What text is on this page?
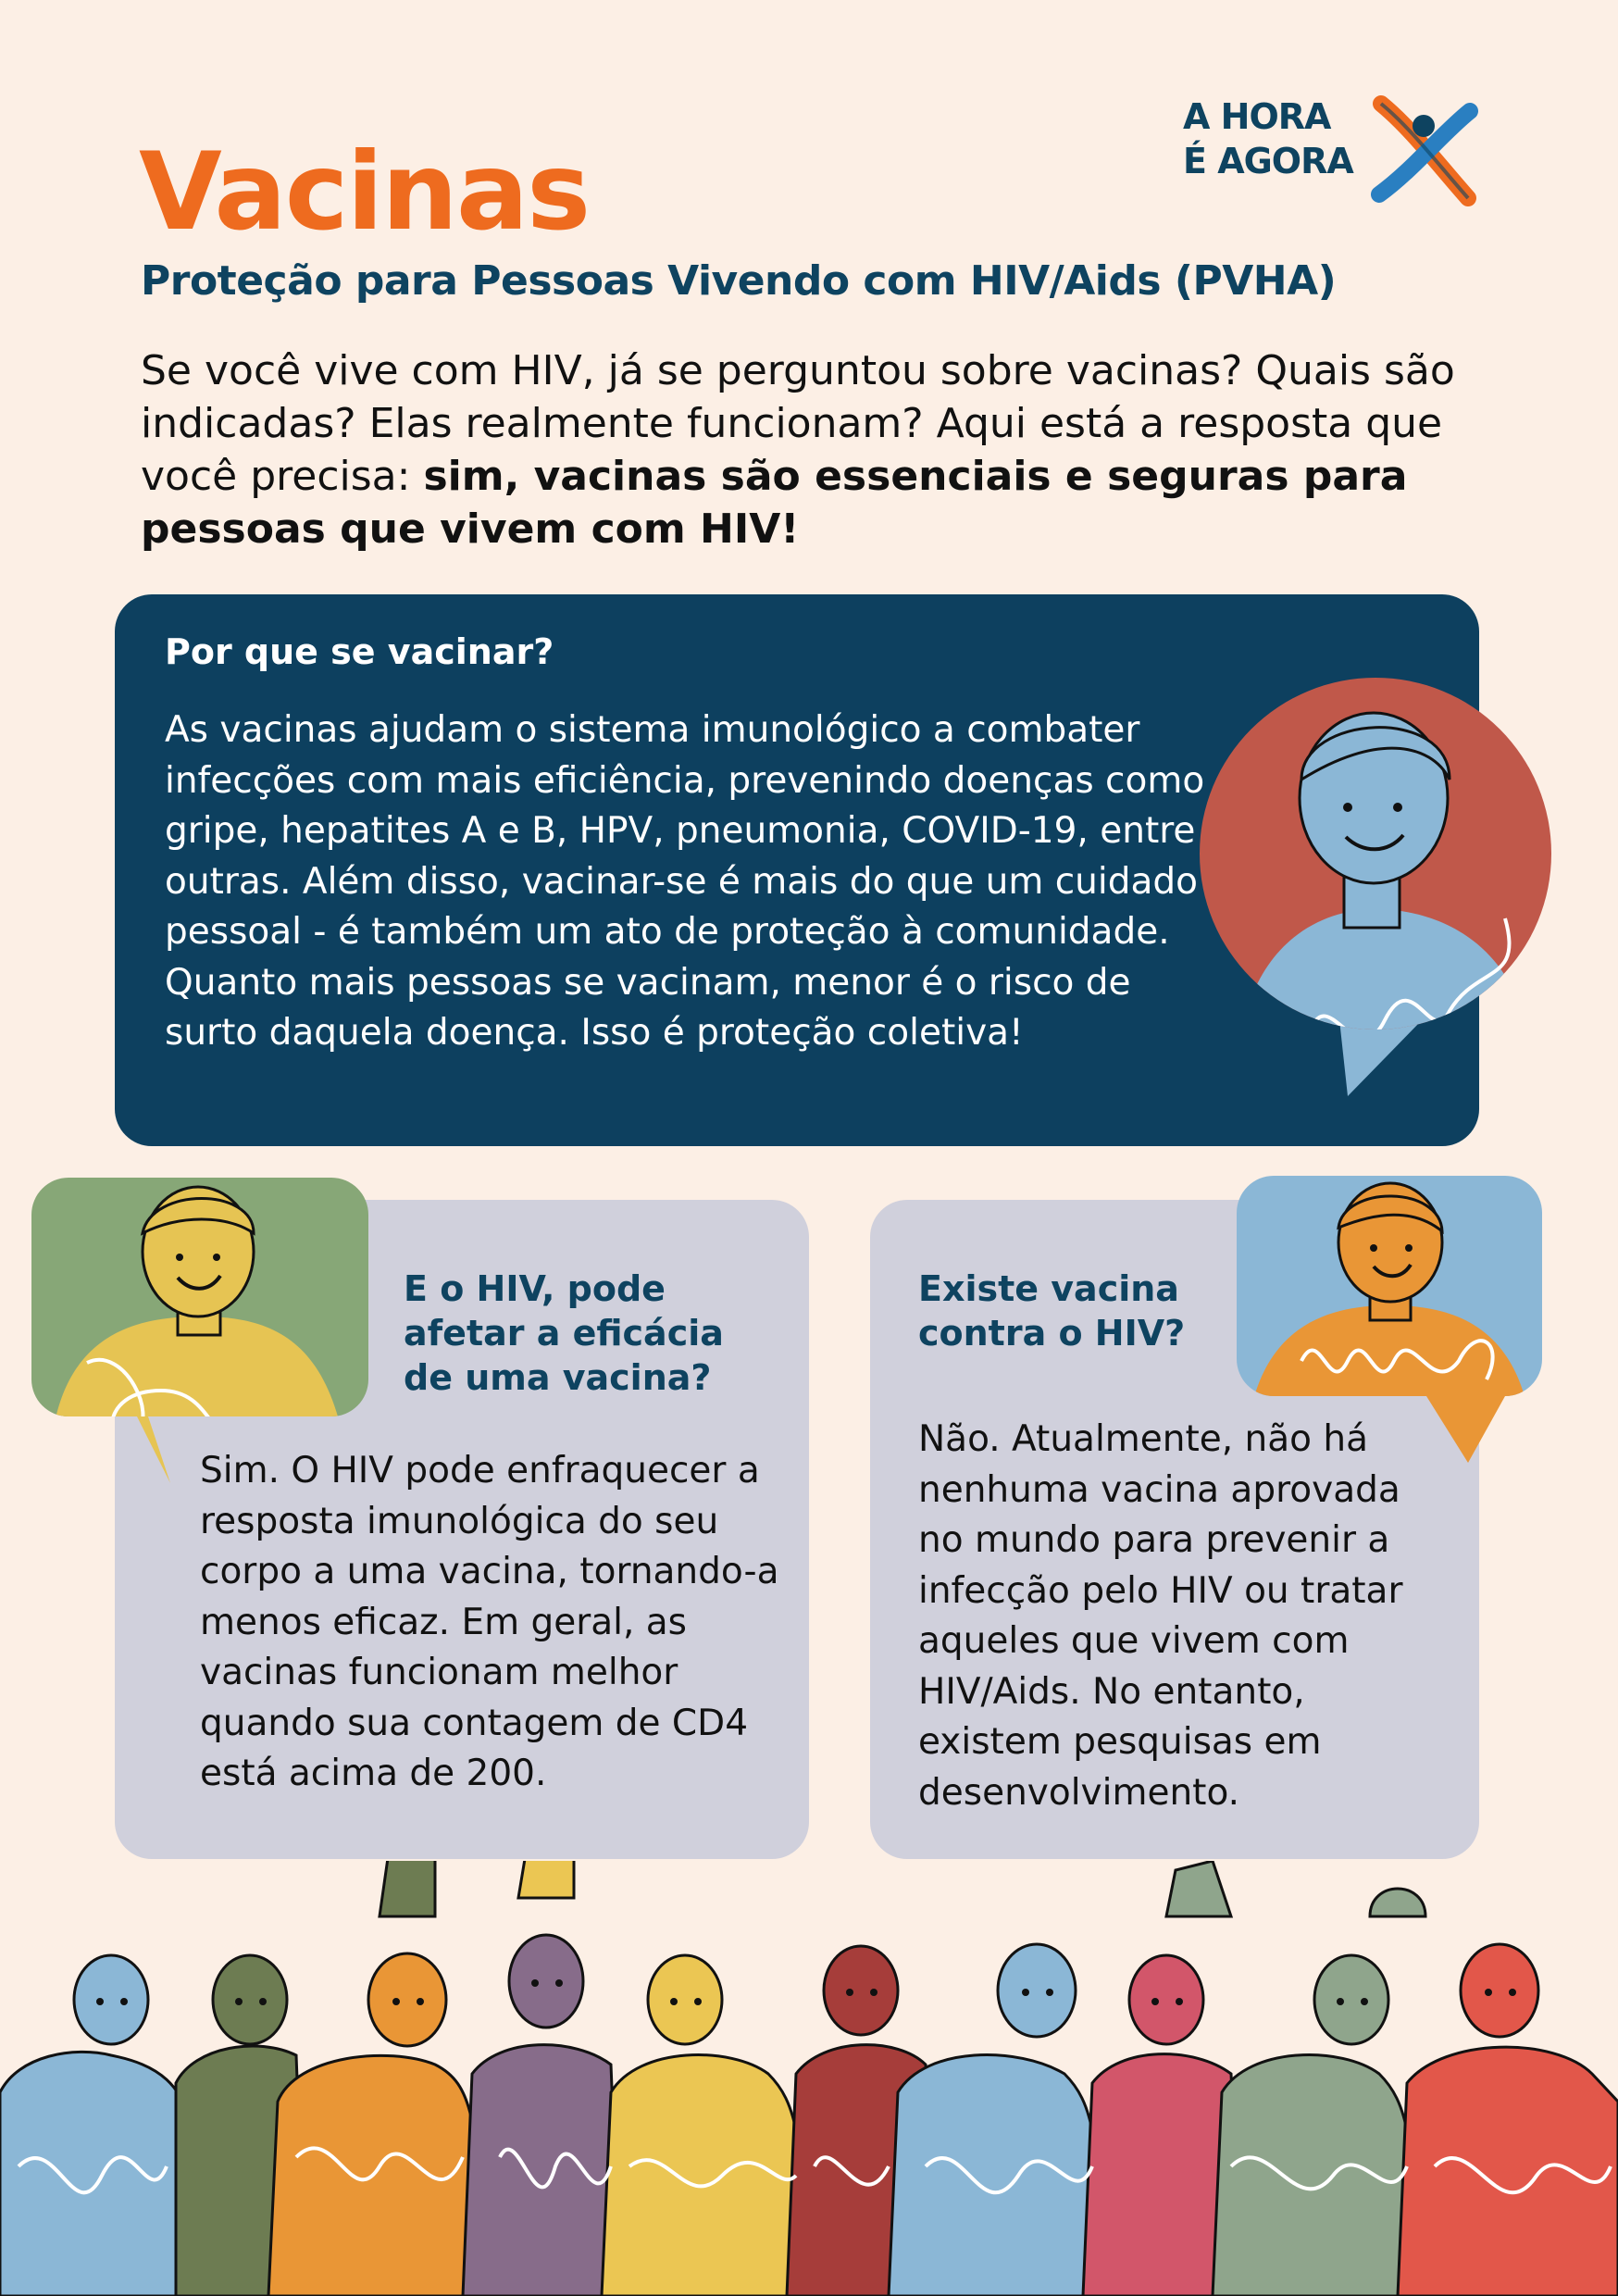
Vacinas
Proteção para Pessoas Vivendo com HIV/Aids (PVHA)

Se você vive com HIV, já se perguntou sobre vacinas? Quais são indicadas? Elas realmente funcionam? Aqui está a resposta que você precisa: sim, vacinas são essenciais e seguras para pessoas que vivem com HIV!

A HORA
É AGORA
Por que se vacinar?

As vacinas ajudam o sistema imunológico a combater infecções com mais eficiência, prevenindo doenças como gripe, hepatites A e B, HPV, pneumonia, COVID-19, entre outras. Além disso, vacinar-se é mais do que um cuidado pessoal - é também um ato de proteção à comunidade. Quanto mais pessoas se vacinam, menor é o risco de surto daquela doença. Isso é proteção coletiva!

E o HIV, pode afetar a eficácia de uma vacina?

Sim. O HIV pode enfraquecer a resposta imunológica do seu corpo a uma vacina, tornando-a menos eficaz. Em geral, as vacinas funcionam melhor quando sua contagem de CD4 está acima de 200.

Existe vacina contra o HIV?

Não. Atualmente, não há nenhuma vacina aprovada no mundo para prevenir a infecção pelo HIV ou tratar aqueles que vivem com HIV/Aids. No entanto, existem pesquisas em desenvolvimento.
